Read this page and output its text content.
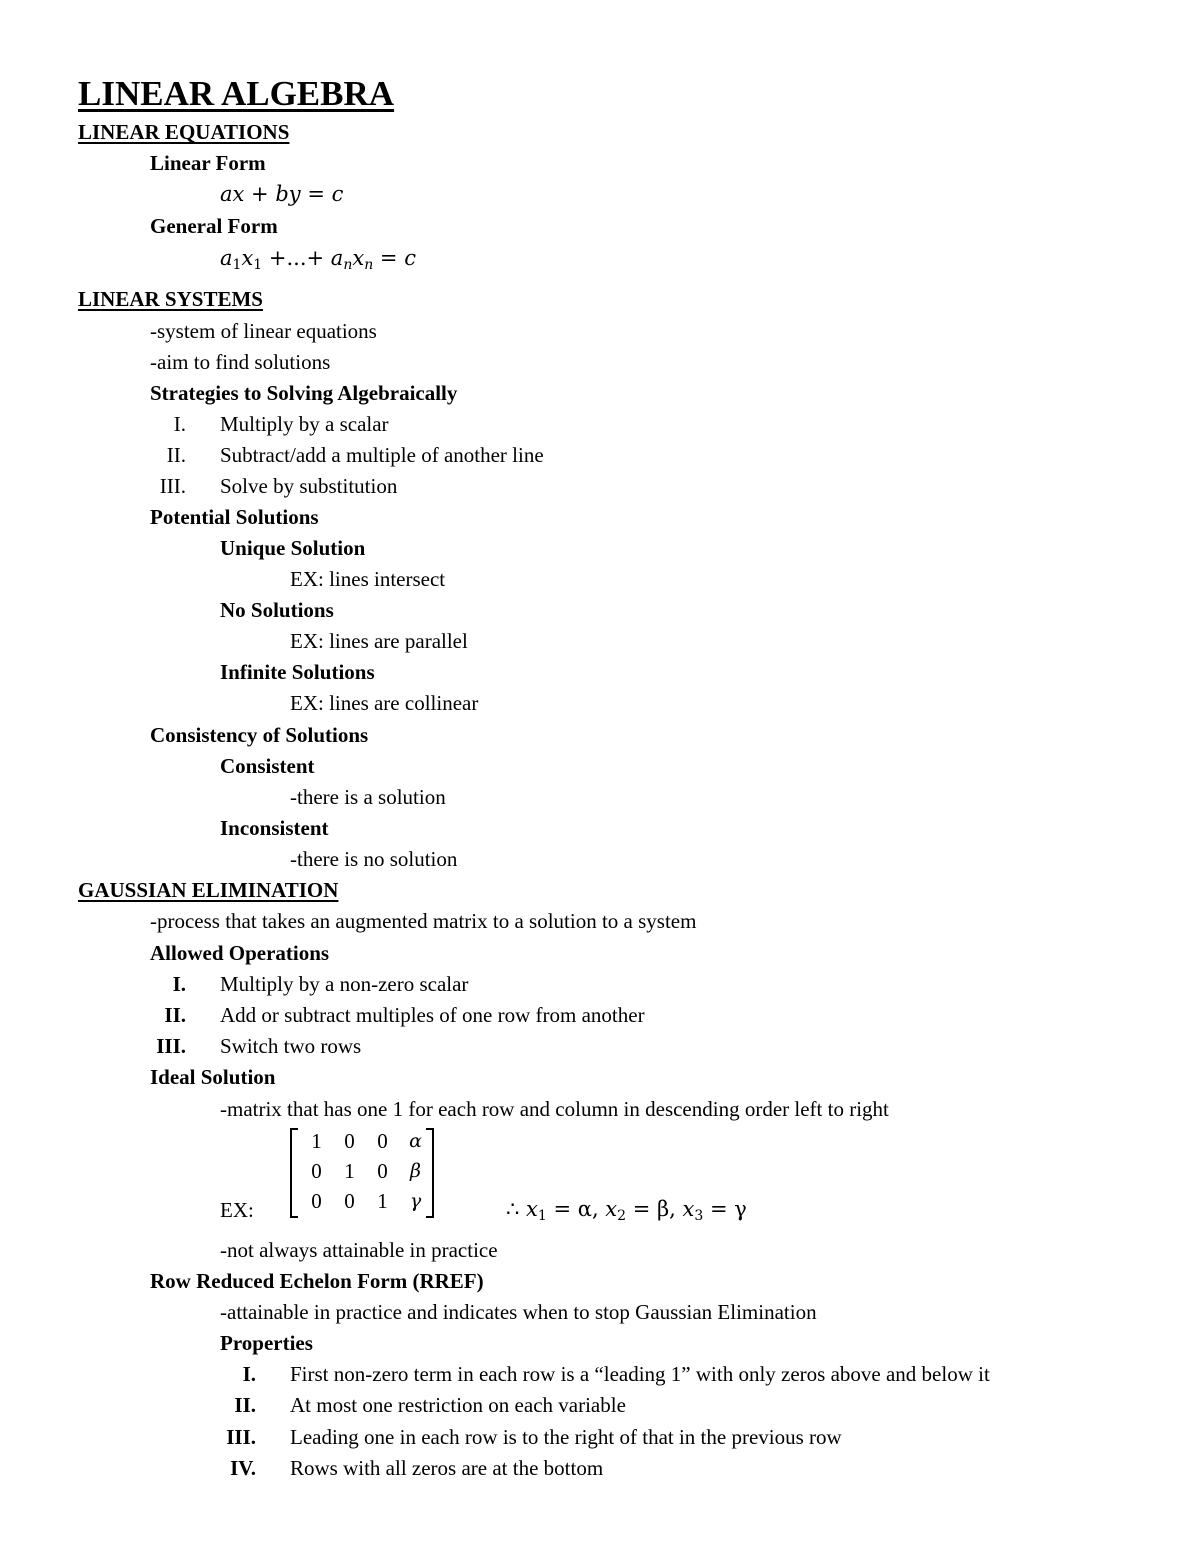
LINEAR ALGEBRA
LINEAR EQUATIONS
Linear Form
ax + by = c
General Form
$a_1x_1$ +...+ $a_nx_n = c$
LINEAR SYSTEMS
-system of linear equations
-aim to find solutions
Strategies to Solving Algebraically
I. Multiply by a scalar
II. Subtract/add a multiple of another line
III. Solve by substitution
Potential Solutions
Unique Solution
EX: lines intersect
No Solutions
EX: lines are parallel
Infinite Solutions
EX: lines are collinear
Consistency of Solutions
Consistent
-there is a solution
Inconsistent
-there is no solution
GAUSSIAN ELIMINATION
-process that takes an augmented matrix to a solution to a system
Allowed Operations
I. Multiply by a non-zero scalar
II. Add or subtract multiples of one row from another
III. Switch two rows
Ideal Solution
-matrix that has one 1 for each row and column in descending order left to right
1	0	0	α
0	1	0	β
0	0	1	γ
EX:	∴ $x_1 = \alpha$, $x_2 = \beta$, $x_3 = \gamma$
-not always attainable in practice
Row Reduced Echelon Form (RREF)
-attainable in practice and indicates when to stop Gaussian Elimination
Properties
I. First non-zero term in each row is a “leading 1” with only zeros above and below it
II. At most one restriction on each variable
III. Leading one in each row is to the right of that in the previous row
IV. Rows with all zeros are at the bottom
